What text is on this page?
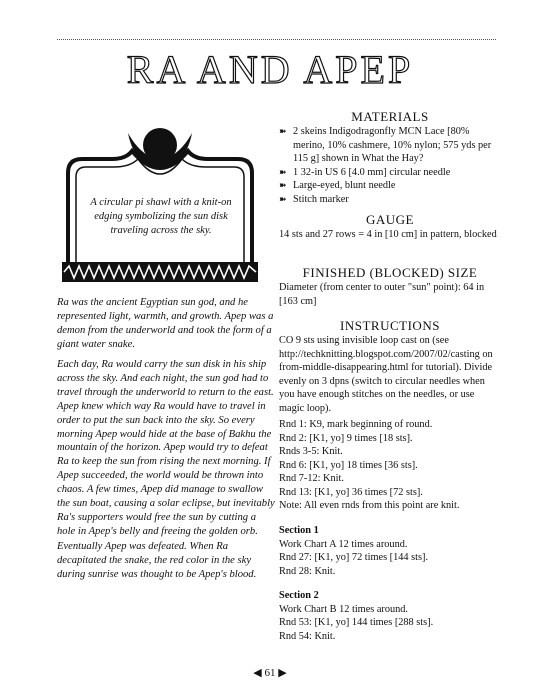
RA AND APEP
A circular pi shawl with a knit-on edging symbolizing the sun disk traveling across the sky.

Ra was the ancient Egyptian sun god, and he represented light, warmth, and growth. Apep was a demon from the underworld and took the form of a giant water snake.

Each day, Ra would carry the sun disk in his ship across the sky. And each night, the sun god had to travel through the underworld to return to the east. Apep knew which way Ra would have to travel in order to put the sun back into the sky. So every morning Apep would hide at the base of Bakhu the mountain of the horizon. Apep would try to defeat Ra to keep the sun from rising the next morning. If Apep succeeded, the world would be thrown into chaos. A few times, Apep did manage to swallow the sun boat, causing a solar eclipse, but inevitably Ra's supporters would free the sun by cutting a hole in Apep's belly and freeing the golden orb.

Eventually Apep was defeated. When Ra decapitated the snake, the red color in the sky during sunrise was thought to be Apep's blood.

MATERIALS
➽ 2 skeins Indigodragonfly MCN Lace [80% merino, 10% cashmere, 10% nylon; 575 yds per 115 g] shown in What the Hay?
➽ 1 32-in US 6 [4.0 mm] circular needle
➽ Large-eyed, blunt needle
➽ Stitch marker
GAUGE

14 sts and 27 rows = 4 in [10 cm] in pattern, blocked

FINISHED (BLOCKED) SIZE

Diameter (from center to outer "sun" point): 64 in [163 cm]

INSTRUCTIONS

CO 9 sts using invisible loop cast on (see http://techknitting.blogspot.com/2007/02/casting on from-middle-disappearing.html for tutorial). Divide evenly on 3 dpns (switch to circular needles when you have enough stitches on the needles, or use magic loop).

Rnd 1: K9, mark beginning of round.

Rnd 2: [K1, yo] 9 times [18 sts].

Rnds 3-5: Knit.

Rnd 6: [K1, yo] 18 times [36 sts].

Rnd 7-12: Knit.

Rnd 13: [K1, yo] 36 times [72 sts].

Note: All even rnds from this point are knit.

Section 1

Work Chart A 12 times around.

Rnd 27: [K1, yo] 72 times [144 sts].

Rnd 28: Knit.

Section 2

Work Chart B 12 times around.

Rnd 53: [K1, yo] 144 times [288 sts].

Rnd 54: Knit.

◀ 61 ▶
